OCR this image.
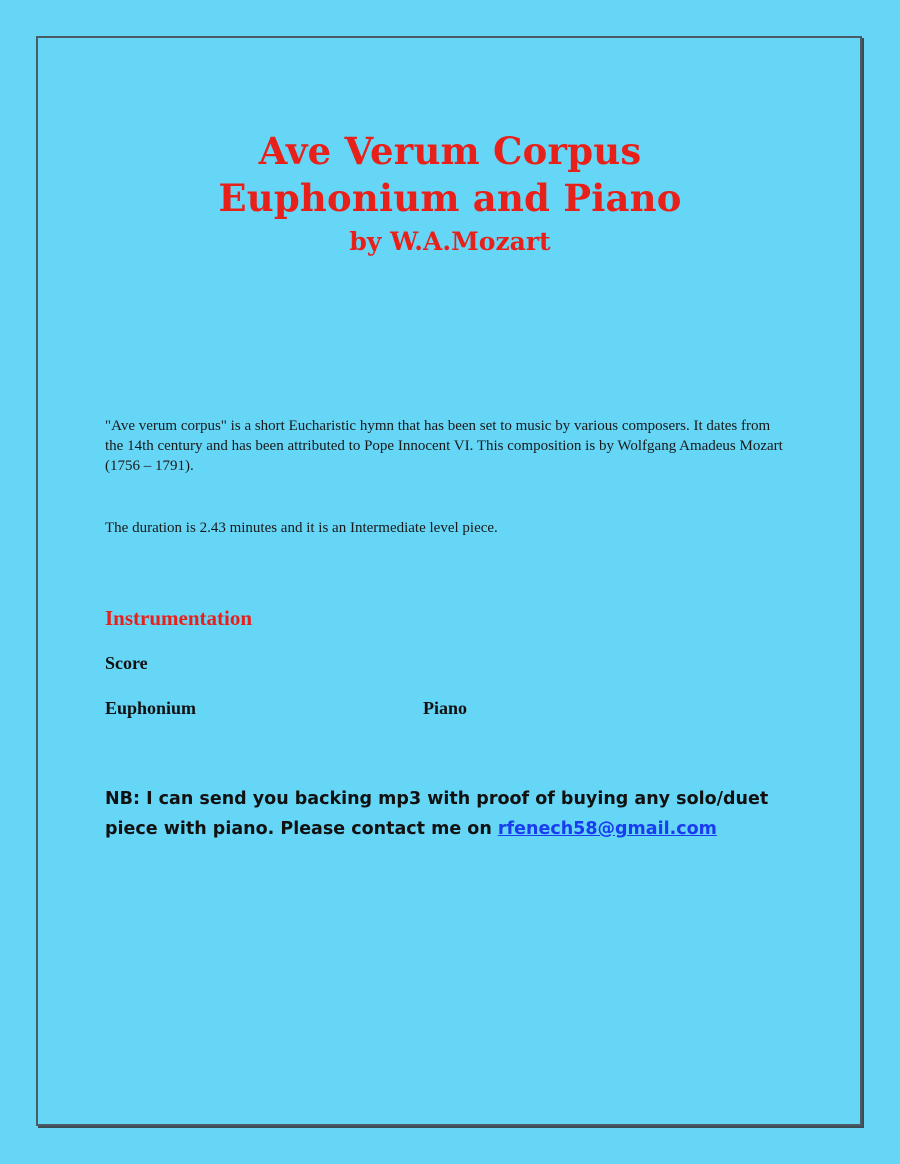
Ave Verum Corpus
Euphonium and Piano
by W.A.Mozart
"Ave verum corpus" is a short Eucharistic hymn that has been set to music by various composers. It dates from the 14th century and has been attributed to Pope Innocent VI. This composition is by Wolfgang Amadeus Mozart (1756 – 1791).
The duration is 2.43 minutes and it is an Intermediate level piece.
Instrumentation
Score
Euphonium	Piano
NB: I can send you backing mp3 with proof of buying any solo/duet piece with piano. Please contact me on rfenech58@gmail.com
